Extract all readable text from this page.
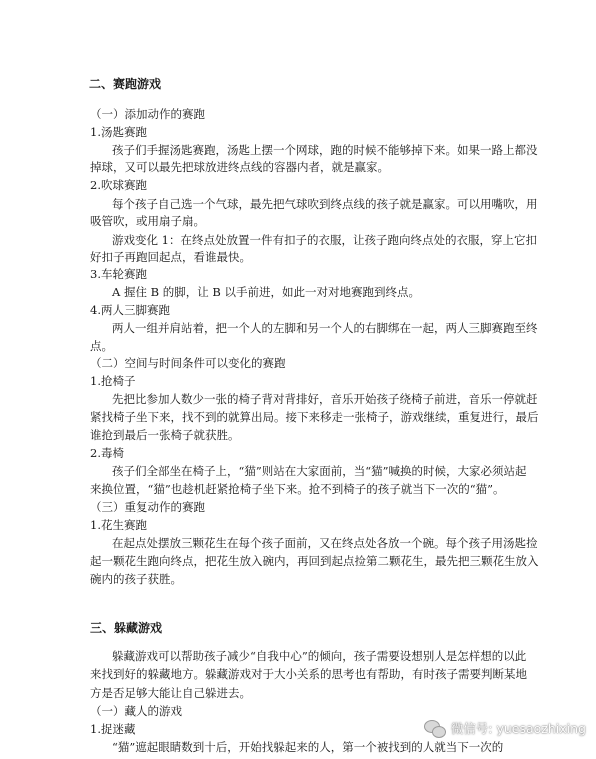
二、赛跑游戏
（一）添加动作的赛跑
1.汤匙赛跑
孩子们手握汤匙赛跑，汤匙上摆一个网球，跑的时候不能够掉下来。如果一路上都没
掉球，又可以最先把球放进终点线的容器内者，就是赢家。
2.吹球赛跑
每个孩子自己选一个气球，最先把气球吹到终点线的孩子就是赢家。可以用嘴吹，用
吸管吹，或用扇子扇。
游戏变化 1：在终点处放置一件有扣子的衣服，让孩子跑向终点处的衣服，穿上它扣
好扣子再跑回起点，看谁最快。
3.车轮赛跑
A 握住 B 的脚，让 B 以手前进，如此一对对地赛跑到终点。
4.两人三脚赛跑
两人一组并肩站着，把一个人的左脚和另一个人的右脚绑在一起，两人三脚赛跑至终
点。
（二）空间与时间条件可以变化的赛跑
1.抢椅子
先把比参加人数少一张的椅子背对背排好，音乐开始孩子绕椅子前进，音乐一停就赶
紧找椅子坐下来，找不到的就算出局。接下来移走一张椅子，游戏继续，重复进行，最后
谁抢到最后一张椅子就获胜。
2.毒椅
孩子们全部坐在椅子上，“猫”则站在大家面前，当“猫”喊换的时候，大家必须站起
来换位置，“猫”也趁机赶紧抢椅子坐下来。抢不到椅子的孩子就当下一次的“猫”。
（三）重复动作的赛跑
1.花生赛跑
在起点处摆放三颗花生在每个孩子面前，又在终点处各放一个碗。每个孩子用汤匙捡
起一颗花生跑向终点，把花生放入碗内，再回到起点捡第二颗花生，最先把三颗花生放入
碗内的孩子获胜。
三、躲藏游戏
躲藏游戏可以帮助孩子减少“自我中心”的倾向，孩子需要设想别人是怎样想的以此
来找到好的躲藏地方。躲藏游戏对于大小关系的思考也有帮助，有时孩子需要判断某地
方是否足够大能让自己躲进去。
（一）藏人的游戏
1.捉迷藏
“猫”遮起眼睛数到十后，开始找躲起来的人，第一个被找到的人就当下一次的
微信号: yuesaozhixing
